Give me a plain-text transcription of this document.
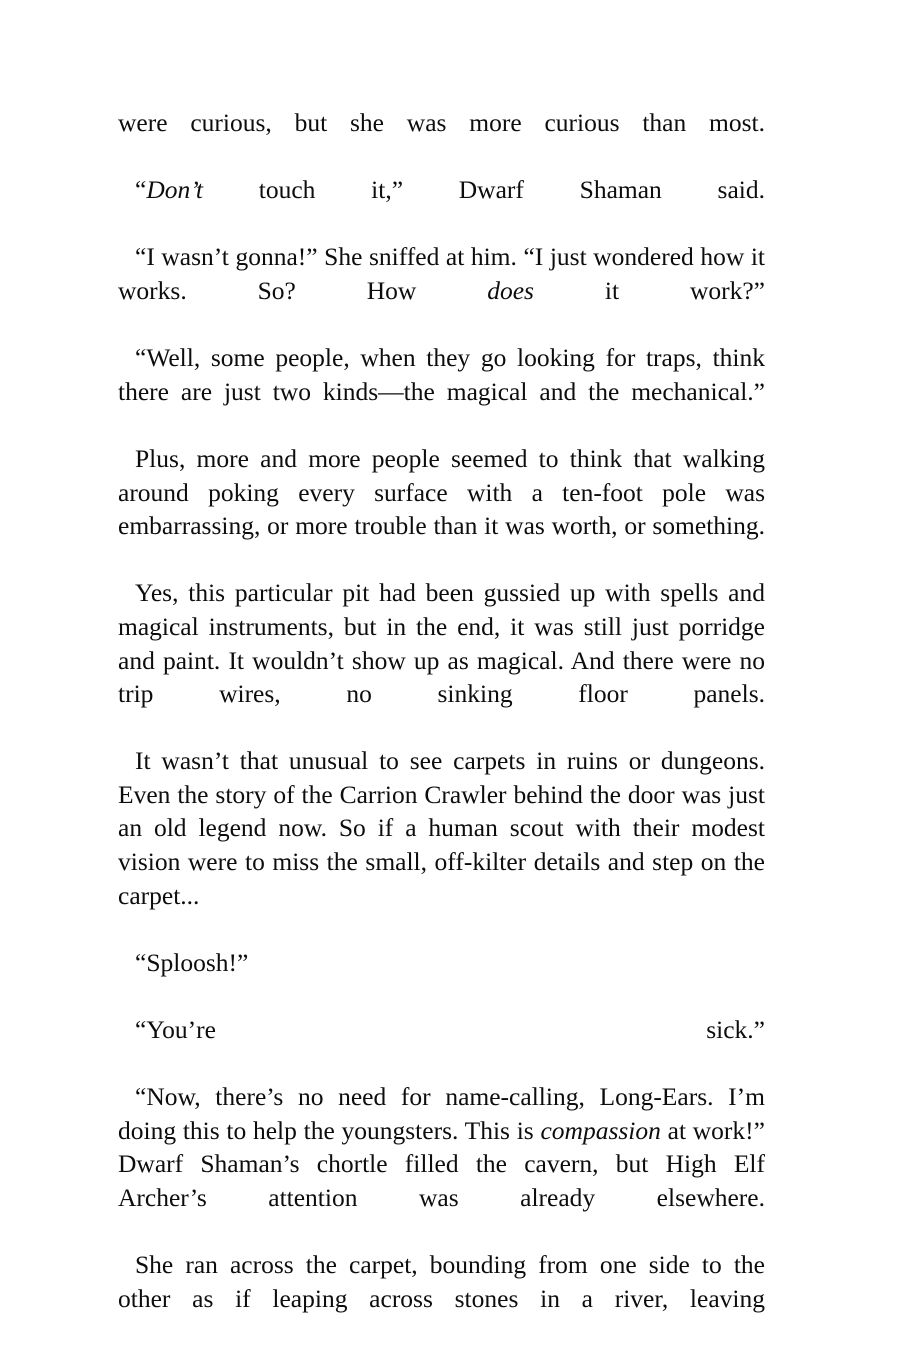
were curious, but she was more curious than most.

“Don’t touch it,” Dwarf Shaman said.

“I wasn’t gonna!” She sniffed at him. “I just wondered how it works. So? How does it work?”

“Well, some people, when they go looking for traps, think there are just two kinds—the magical and the mechanical.”

Plus, more and more people seemed to think that walking around poking every surface with a ten-foot pole was embarrassing, or more trouble than it was worth, or something.

Yes, this particular pit had been gussied up with spells and magical instruments, but in the end, it was still just porridge and paint. It wouldn’t show up as magical. And there were no trip wires, no sinking floor panels.

It wasn’t that unusual to see carpets in ruins or dungeons. Even the story of the Carrion Crawler behind the door was just an old legend now. So if a human scout with their modest vision were to miss the small, off-kilter details and step on the carpet...

“Sploosh!”

“You’re sick.”

“Now, there’s no need for name-calling, Long-Ears. I’m doing this to help the youngsters. This is compassion at work!” Dwarf Shaman’s chortle filled the cavern, but High Elf Archer’s attention was already elsewhere.

She ran across the carpet, bounding from one side to the other as if leaping across stones in a river, leaving
